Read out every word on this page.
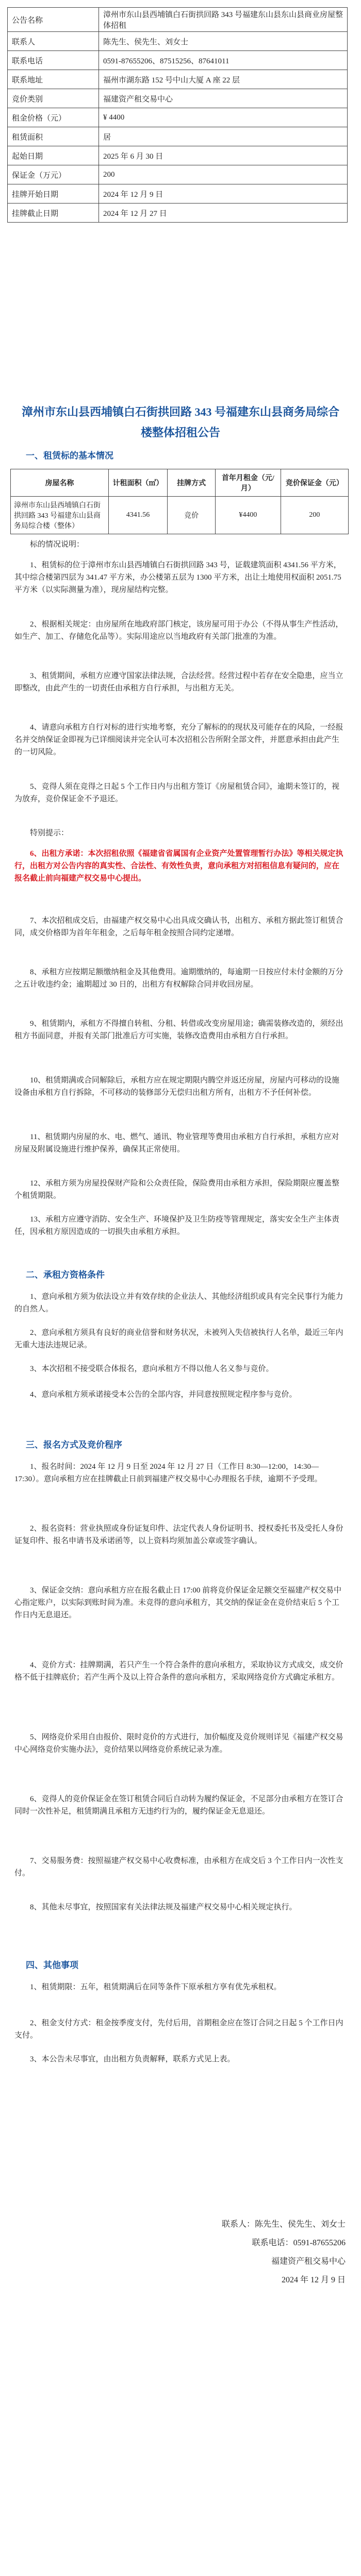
公告名称	漳州市东山县西埔镇白石街拱回路 343 号福建东山县东山县商业房屋整体招租
联系人	陈先生、侯先生、刘女士
联系电话	0591-87655206、87515256、87641011
联系地址	福州市湖东路 152 号中山大厦 A 座 22 层
竞价类别	福建资产租交易中心
租金价格（元）	¥ 4400
租赁面积	居
起始日期	2025 年 6 月 30 日
保证金（万元）	200
挂牌开始日期	2024 年 12 月 9 日
挂牌截止日期	2024 年 12 月 27 日
漳州市东山县西埔镇白石街拱回路 343 号福建东山县商务局综合楼整体招租公告
一、租赁标的基本情况
房屋名称	计租面积（㎡）	挂牌方式	首年月租金（元/月）	竞价保证金（元）
漳州市东山县西埔镇白石街拱回路 343 号福建东山县商务局综合楼（整体）	4341.56	竞价	¥4400	200

标的情况说明：

1、租赁标的位于漳州市东山县西埔镇白石街拱回路 343 号，证载建筑面积 4341.56 平方米，其中综合楼第四层为 341.47 平方米，办公楼第五层为 1300 平方米，出让土地使用权面积 2051.75 平方米（以实际测量为准），现房屋结构完整。

2、根据相关规定：由房屋所在地政府部门核定，该房屋可用于办公（不得从事生产性活动，如生产、加工、存储危化品等）。实际用途应以当地政府有关部门批准的为准。

3、租赁期间，承租方应遵守国家法律法规，合法经营。经营过程中若存在安全隐患，应当立即整改，由此产生的一切责任由承租方自行承担，与出租方无关。

4、请意向承租方自行对标的进行实地考察，充分了解标的的现状及可能存在的风险，一经报名并交纳保证金即视为已详细阅读并完全认可本次招租公告所附全部文件，并愿意承担由此产生的一切风险。

5、竞得人须在竞得之日起 5 个工作日内与出租方签订《房屋租赁合同》，逾期未签订的，视为放弃，竞价保证金不予退还。

特别提示：

6、出租方承诺：本次招租依照《福建省省属国有企业资产处置管理暂行办法》等相关规定执行，出租方对公告内容的真实性、合法性、有效性负责，意向承租方对招租信息有疑问的，应在报名截止前向福建产权交易中心提出。

7、本次招租成交后，由福建产权交易中心出具成交确认书，出租方、承租方据此签订租赁合同，成交价格即为首年年租金，之后每年租金按照合同约定递增。

8、承租方应按期足额缴纳租金及其他费用。逾期缴纳的，每逾期一日按应付未付金额的万分之五计收违约金；逾期超过 30 日的，出租方有权解除合同并收回房屋。

9、租赁期内，承租方不得擅自转租、分租、转借或改变房屋用途；确需装修改造的，须经出租方书面同意，并报有关部门批准后方可实施，装修改造费用由承租方自行承担。

10、租赁期满或合同解除后，承租方应在规定期限内腾空并返还房屋，房屋内可移动的设施设备由承租方自行拆除，不可移动的装修部分无偿归出租方所有，出租方不予任何补偿。

11、租赁期内房屋的水、电、燃气、通讯、物业管理等费用由承租方自行承担，承租方应对房屋及附属设施进行维护保养，确保其正常使用。

12、承租方须为房屋投保财产险和公众责任险，保险费用由承租方承担，保险期限应覆盖整个租赁期限。

13、承租方应遵守消防、安全生产、环境保护及卫生防疫等管理规定，落实安全生产主体责任，因承租方原因造成的一切损失由承租方承担。

二、承租方资格条件

1、意向承租方须为依法设立并有效存续的企业法人、其他经济组织或具有完全民事行为能力的自然人。

2、意向承租方须具有良好的商业信誉和财务状况，未被列入失信被执行人名单，最近三年内无重大违法违规记录。

3、本次招租不接受联合体报名，意向承租方不得以他人名义参与竞价。

4、意向承租方须承诺接受本公告的全部内容，并同意按照规定程序参与竞价。

三、报名方式及竞价程序

1、报名时间：2024 年 12 月 9 日至 2024 年 12 月 27 日（工作日 8:30—12:00，14:30—17:30）。意向承租方应在挂牌截止日前到福建产权交易中心办理报名手续，逾期不予受理。

2、报名资料：营业执照或身份证复印件、法定代表人身份证明书、授权委托书及受托人身份证复印件、报名申请书及承诺函等，以上资料均须加盖公章或签字确认。

3、保证金交纳：意向承租方应在报名截止日 17:00 前将竞价保证金足额交至福建产权交易中心指定账户，以实际到账时间为准。未竞得的意向承租方，其交纳的保证金在竞价结束后 5 个工作日内无息退还。

4、竞价方式：挂牌期满，若只产生一个符合条件的意向承租方，采取协议方式成交，成交价格不低于挂牌底价；若产生两个及以上符合条件的意向承租方，采取网络竞价方式确定承租方。

5、网络竞价采用自由报价、限时竞价的方式进行，加价幅度及竞价规则详见《福建产权交易中心网络竞价实施办法》，竞价结果以网络竞价系统记录为准。

6、竞得人的竞价保证金在签订租赁合同后自动转为履约保证金，不足部分由承租方在签订合同时一次性补足，租赁期满且承租方无违约行为的，履约保证金无息退还。

7、交易服务费：按照福建产权交易中心收费标准，由承租方在成交后 3 个工作日内一次性支付。

8、其他未尽事宜，按照国家有关法律法规及福建产权交易中心相关规定执行。

四、其他事项

1、租赁期限：五年，租赁期满后在同等条件下原承租方享有优先承租权。

2、租金支付方式：租金按季度支付，先付后用，首期租金应在签订合同之日起 5 个工作日内支付。

3、本公告未尽事宜，由出租方负责解释，联系方式见上表。

联系人：陈先生、侯先生、刘女士
联系电话：0591-87655206
福建资产租交易中心
2024 年 12 月 9 日
